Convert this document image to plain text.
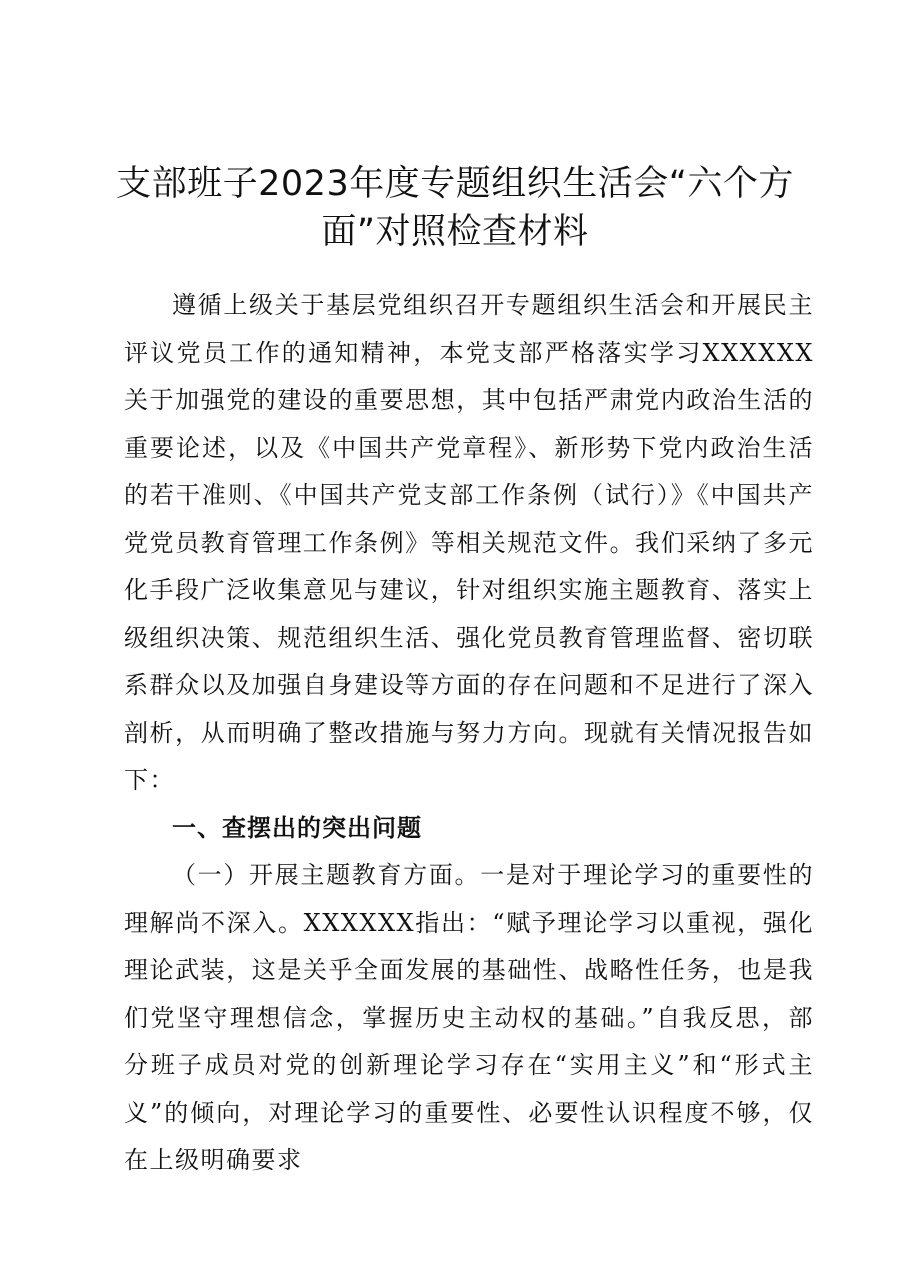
支部班子2023年度专题组织生活会“六个方面”对照检查材料

遵循上级关于基层党组织召开专题组织生活会和开展民主评议党员工作的通知精神，本党支部严格落实学习XXXXXX关于加强党的建设的重要思想，其中包括严肃党内政治生活的重要论述，以及《中国共产党章程》、新形势下党内政治生活的若干准则、《中国共产党支部工作条例（试行）》《中国共产党党员教育管理工作条例》等相关规范文件。我们采纳了多元化手段广泛收集意见与建议，针对组织实施主题教育、落实上级组织决策、规范组织生活、强化党员教育管理监督、密切联系群众以及加强自身建设等方面的存在问题和不足进行了深入剖析，从而明确了整改措施与努力方向。现就有关情况报告如下：

一、查摆出的突出问题

（一）开展主题教育方面。一是对于理论学习的重要性的理解尚不深入。XXXXXX指出：“赋予理论学习以重视，强化理论武装，这是关乎全面发展的基础性、战略性任务，也是我们党坚守理想信念，掌握历史主动权的基础。”自我反思，部分班子成员对党的创新理论学习存在“实用主义”和“形式主义”的倾向，对理论学习的重要性、必要性认识程度不够，仅在上级明确要求
